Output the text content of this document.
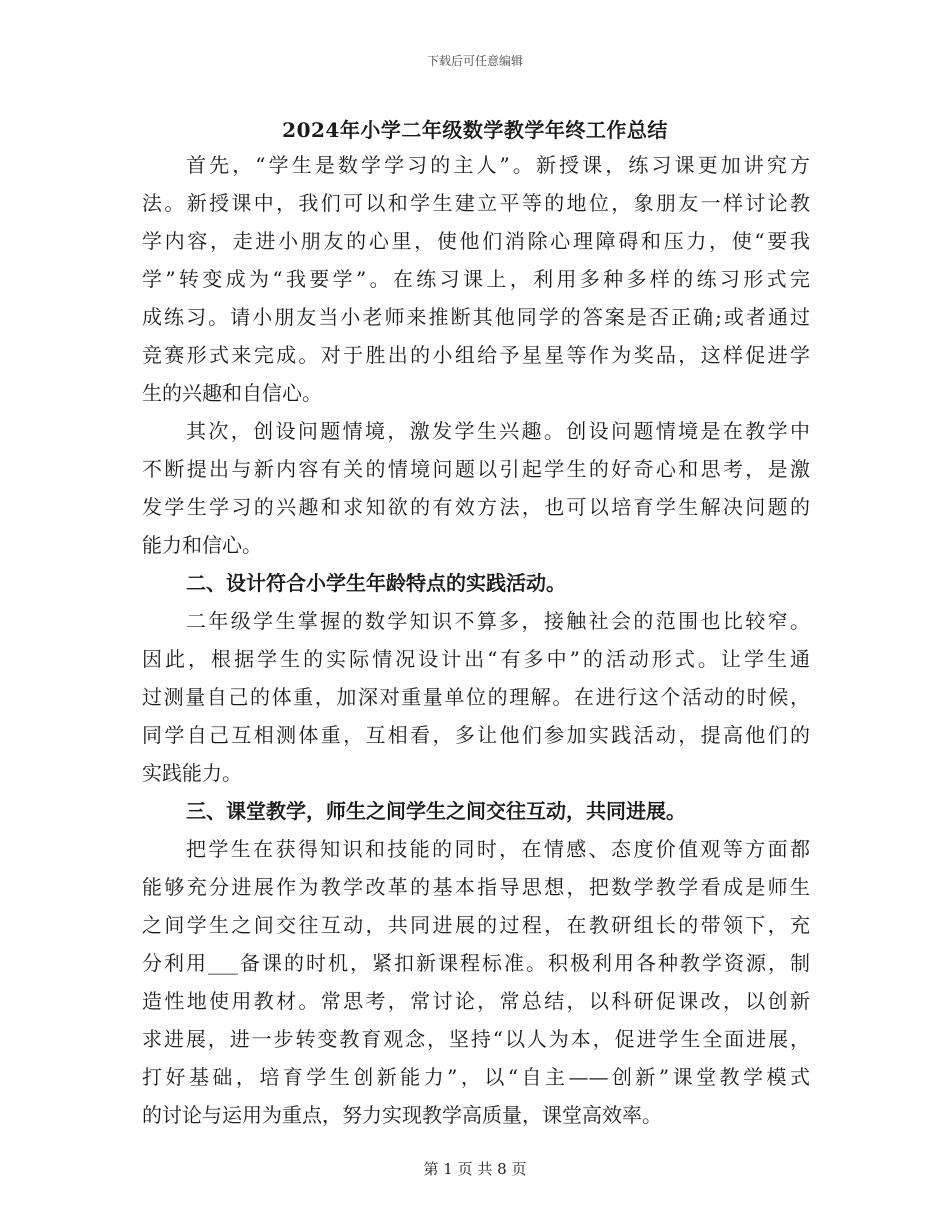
下载后可任意编辑
2024年小学二年级数学教学年终工作总结
首先，“学生是数学学习的主人”。新授课，练习课更加讲究方
法。新授课中，我们可以和学生建立平等的地位，象朋友一样讨论教
学内容，走进小朋友的心里，使他们消除心理障碍和压力，使“要我
学”转变成为“我要学”。在练习课上，利用多种多样的练习形式完
成练习。请小朋友当小老师来推断其他同学的答案是否正确;或者通过
竞赛形式来完成。对于胜出的小组给予星星等作为奖品，这样促进学
生的兴趣和自信心。
其次，创设问题情境，激发学生兴趣。创设问题情境是在教学中
不断提出与新内容有关的情境问题以引起学生的好奇心和思考，是激
发学生学习的兴趣和求知欲的有效方法，也可以培育学生解决问题的
能力和信心。
二、设计符合小学生年龄特点的实践活动。
二年级学生掌握的数学知识不算多，接触社会的范围也比较窄。
因此，根据学生的实际情况设计出“有多中”的活动形式。让学生通
过测量自己的体重，加深对重量单位的理解。在进行这个活动的时候，
同学自己互相测体重，互相看，多让他们参加实践活动，提高他们的
实践能力。
三、课堂教学，师生之间学生之间交往互动，共同进展。
把学生在获得知识和技能的同时，在情感、态度价值观等方面都
能够充分进展作为教学改革的基本指导思想，把数学教学看成是师生
之间学生之间交往互动，共同进展的过程，在教研组长的带领下，充
分利用___备课的时机，紧扣新课程标准。积极利用各种教学资源，制
造性地使用教材。常思考，常讨论，常总结，以科研促课改，以创新
求进展，进一步转变教育观念，坚持“以人为本，促进学生全面进展，
打好基础，培育学生创新能力”，以“自主——创新”课堂教学模式
的讨论与运用为重点，努力实现教学高质量，课堂高效率。
第 1 页 共 8 页
